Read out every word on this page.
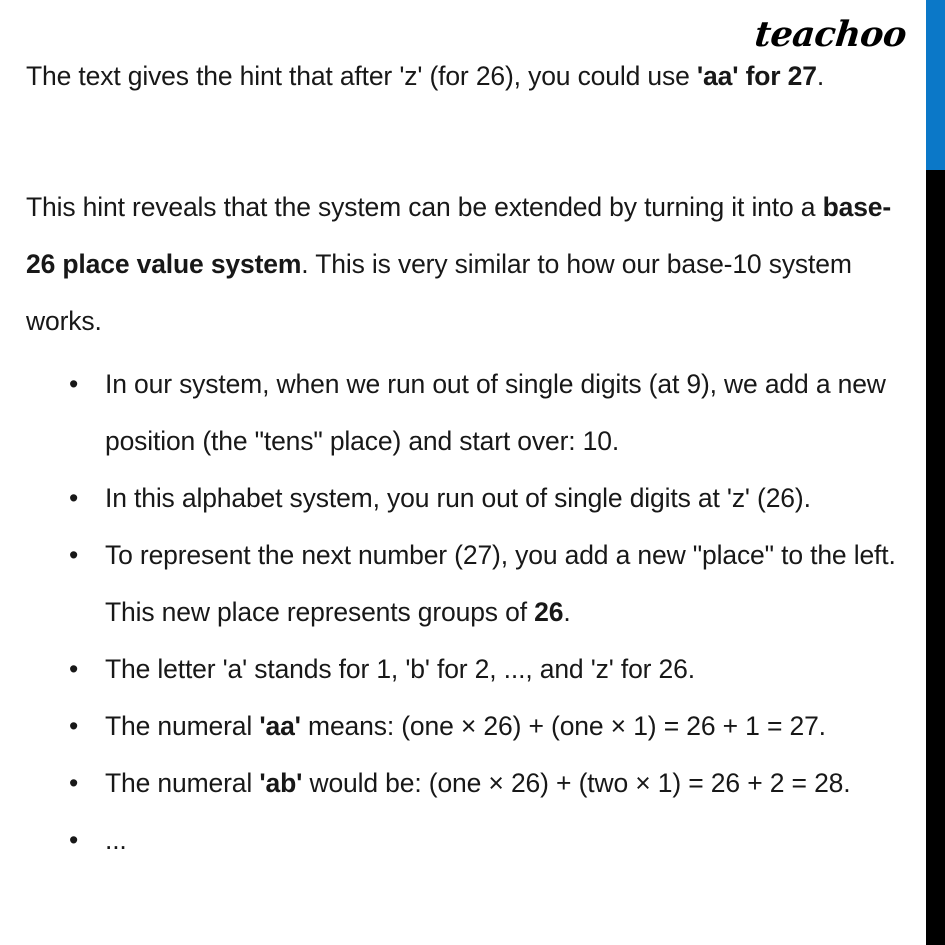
teachoo

The text gives the hint that after 'z' (for 26), you could use 'aa' for 27.

This hint reveals that the system can be extended by turning it into a base-26 place value system. This is very similar to how our base-10 system works.

•	In our system, when we run out of single digits (at 9), we add a new position (the "tens" place) and start over: 10.
•	In this alphabet system, you run out of single digits at 'z' (26).
•	To represent the next number (27), you add a new "place" to the left. This new place represents groups of 26.
•	The letter 'a' stands for 1, 'b' for 2, ..., and 'z' for 26.
•	The numeral 'aa' means: (one × 26) + (one × 1) = 26 + 1 = 27.
•	The numeral 'ab' would be: (one × 26) + (two × 1) = 26 + 2 = 28.
•	...
